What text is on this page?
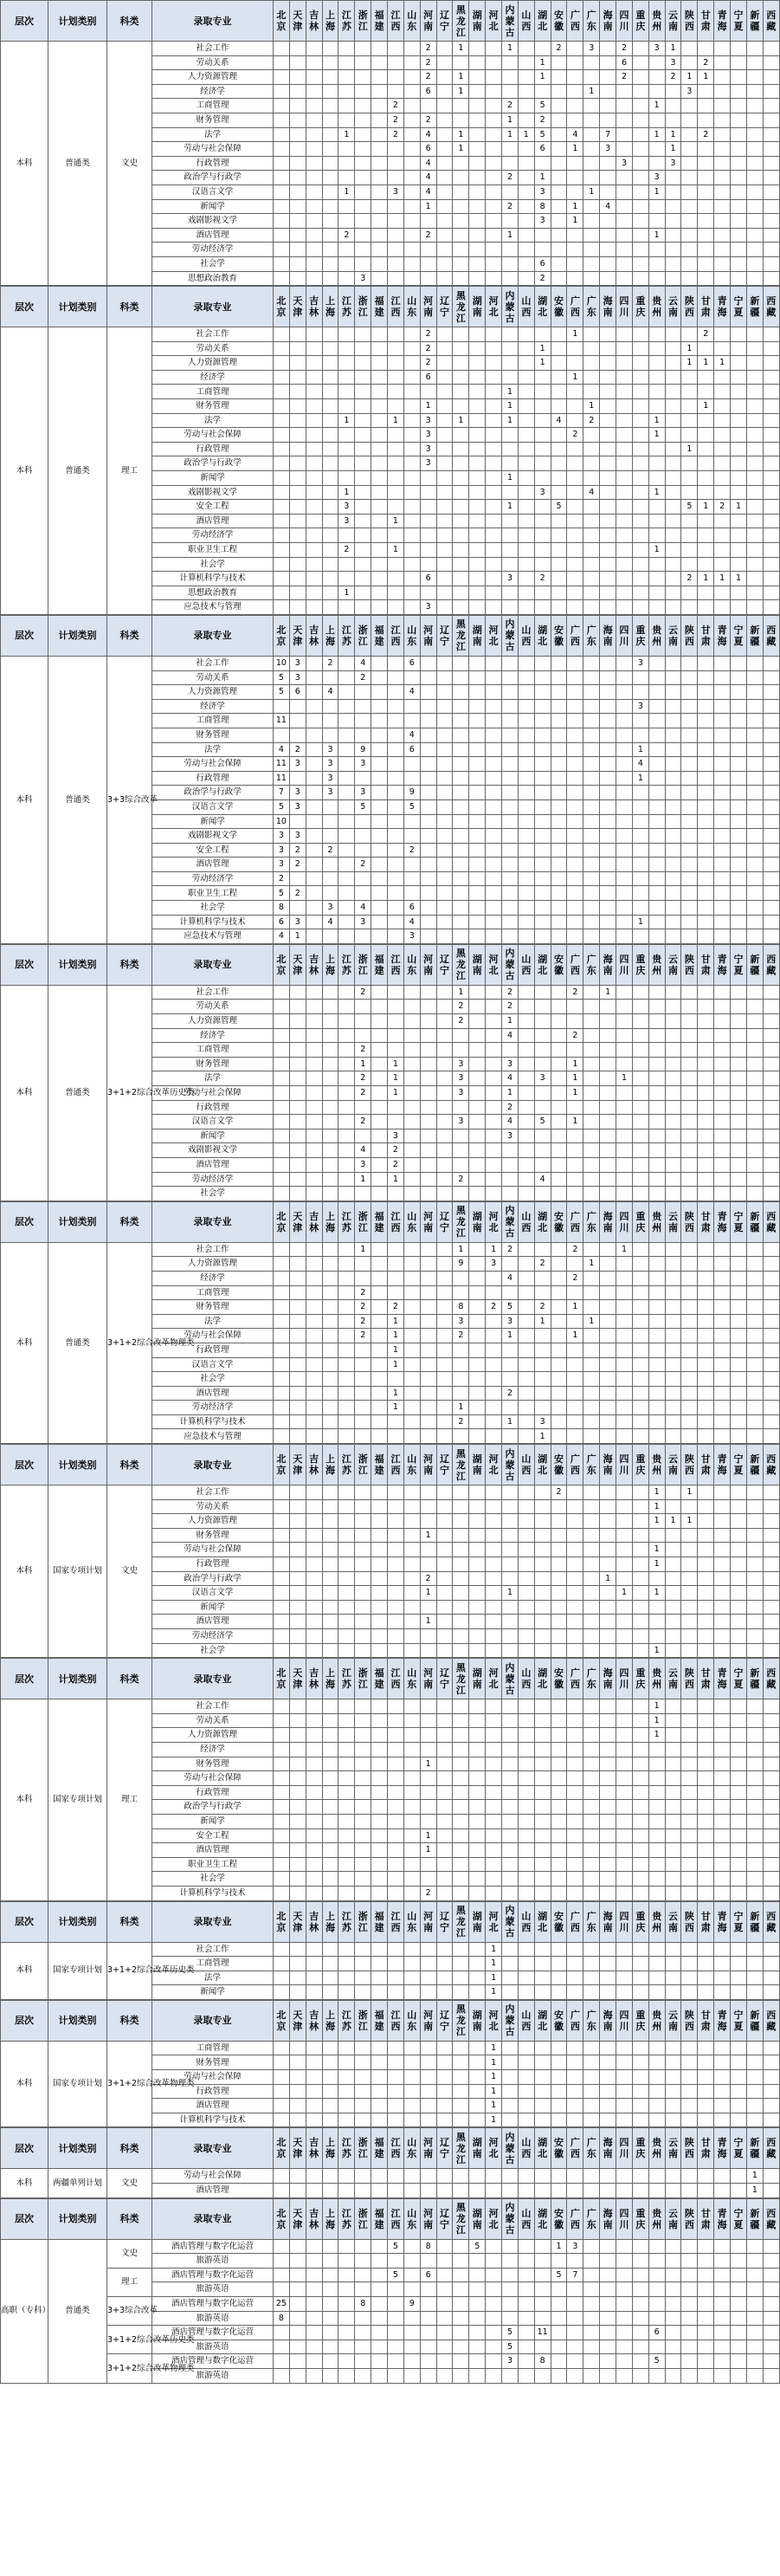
层次	计划类别	科类	录取专业	北京	天津	吉林	上海	江苏	浙江	福建	江西	山东	河南	辽宁	黑龙江	湖南	河北	内蒙古	山西	湖北	安徽	广西	广东	海南	四川	重庆	贵州	云南	陕西	甘肃	青海	宁夏	新疆	西藏
本科	普通类	文史	社会工作										2		1			1			2		3		2		3	1						
			劳动关系										2							1					6			3		2				
			人力资源管理										2		1					1					2			2	1	1				
			经济学										6		1								1						3					
			工商管理								2							2		5							1							
			财务管理								2		2					1		2														
			法学					1			2		4		1			1	1	5		4		7			1	1		2				
			劳动与社会保障										6		1					6		1		3				1						
			行政管理										4												3			3						
			政治学与行政学										4					2		1							3							
			汉语言文学					1			3		4							3			1				1							
			新闻学										1					2		8		1		4										
			戏剧影视文学																	3		1												
			酒店管理					2					2					1									1							
			劳动经济学																															
			社会学																	6														
			思想政治教育						3											2														
层次	计划类别	科类	录取专业	北京	天津	吉林	上海	江苏	浙江	福建	江西	山东	河南	辽宁	黑龙江	湖南	河北	内蒙古	山西	湖北	安徽	广西	广东	海南	四川	重庆	贵州	云南	陕西	甘肃	青海	宁夏	新疆	西藏
本科	普通类	理工	社会工作										2									1								2				
			劳动关系										2							1									1					
			人力资源管理										2							1									1	1	1			
			经济学										6									1												
			工商管理															1																
			财务管理										1					1					1							1				
			法学					1			1		3		1			1			4		2				1							
			劳动与社会保障										3									2					1							
			行政管理										3																1					
			政治学与行政学										3																					
			新闻学															1																
			戏剧影视文学					1												3			4				1							
			安全工程					3										1			5								5	1	2	1		
			酒店管理					3			1																							
			劳动经济学																															
			职业卫生工程					2			1																1							
			社会学																															
			计算机科学与技术										6					3		2									2	1	1	1		
			思想政治教育					1																										
			应急技术与管理										3																					
层次	计划类别	科类	录取专业	北京	天津	吉林	上海	江苏	浙江	福建	江西	山东	河南	辽宁	黑龙江	湖南	河北	内蒙古	山西	湖北	安徽	广西	广东	海南	四川	重庆	贵州	云南	陕西	甘肃	青海	宁夏	新疆	西藏
本科	普通类	3+3综合改革	社会工作	10	3		2		4			6														3								
			劳动关系	5	3				2																									
			人力资源管理	5	6		4					4																						
			经济学																							3								
			工商管理	11																														
			财务管理									4																						
			法学	4	2		3		9			6														1								
			劳动与社会保障	11	3		3		3																	4								
			行政管理	11			3																			1								
			政治学与行政学	7	3		3		3			9																						
			汉语言文学	5	3				5			5																						
			新闻学	10																														
			戏剧影视文学	3	3																													
			安全工程	3	2		2					2																						
			酒店管理	3	2				2																									
			劳动经济学	2																														
			职业卫生工程	5	2																													
			社会学	8			3		4			6																						
			计算机科学与技术	6	3		4		3			4														1								
			应急技术与管理	4	1							3																						
层次	计划类别	科类	录取专业	北京	天津	吉林	上海	江苏	浙江	福建	江西	山东	河南	辽宁	黑龙江	湖南	河北	内蒙古	山西	湖北	安徽	广西	广东	海南	四川	重庆	贵州	云南	陕西	甘肃	青海	宁夏	新疆	西藏
本科	普通类	3+1+2综合改革历史类	社会工作						2						1			2				2		1										
			劳动关系												2			2																
			人力资源管理												2			1																
			经济学															4				2												
			工商管理						2																									
			财务管理						1		1				3			3				1												
			法学						2		1				3			4		3		1			1									
			劳动与社会保障						2		1				3			1				1												
			行政管理															2																
			汉语言文学						2						3			4		5		1												
			新闻学								3							3																
			戏剧影视文学						4		2																							
			酒店管理						3		2																							
			劳动经济学						1		1				2					4														
			社会学																															
层次	计划类别	科类	录取专业	北京	天津	吉林	上海	江苏	浙江	福建	江西	山东	河南	辽宁	黑龙江	湖南	河北	内蒙古	山西	湖北	安徽	广西	广东	海南	四川	重庆	贵州	云南	陕西	甘肃	青海	宁夏	新疆	西藏
本科	普通类	3+1+2综合改革物理类	社会工作						1						1		1	2				2			1									
			人力资源管理												9		3			2			1											
			经济学															4				2												
			工商管理						2																									
			财务管理						2		2				8		2	5		2		1												
			法学						2		1				3			3		1			1											
			劳动与社会保障						2		1				2			1				1												
			行政管理								1																							
			汉语言文学								1																							
			社会学																															
			酒店管理								1							2																
			劳动经济学								1				1																			
			计算机科学与技术												2			1		3														
			应急技术与管理																	1														
层次	计划类别	科类	录取专业	北京	天津	吉林	上海	江苏	浙江	福建	江西	山东	河南	辽宁	黑龙江	湖南	河北	内蒙古	山西	湖北	安徽	广西	广东	海南	四川	重庆	贵州	云南	陕西	甘肃	青海	宁夏	新疆	西藏
本科	国家专项计划	文史	社会工作																		2						1		1					
			劳动关系																								1							
			人力资源管理																								1	1	1					
			财务管理										1																					
			劳动与社会保障																								1							
			行政管理																								1							
			政治学与行政学										2											1										
			汉语言文学										1					1							1		1							
			新闻学																															
			酒店管理										1																					
			劳动经济学																															
			社会学																								1							
层次	计划类别	科类	录取专业	北京	天津	吉林	上海	江苏	浙江	福建	江西	山东	河南	辽宁	黑龙江	湖南	河北	内蒙古	山西	湖北	安徽	广西	广东	海南	四川	重庆	贵州	云南	陕西	甘肃	青海	宁夏	新疆	西藏
本科	国家专项计划	理工	社会工作																								1							
			劳动关系																								1							
			人力资源管理																								1							
			经济学																															
			财务管理										1																					
			劳动与社会保障																															
			行政管理																															
			政治学与行政学																															
			新闻学																															
			安全工程										1																					
			酒店管理										1																					
			职业卫生工程																															
			社会学																															
			计算机科学与技术										2																					
层次	计划类别	科类	录取专业	北京	天津	吉林	上海	江苏	浙江	福建	江西	山东	河南	辽宁	黑龙江	湖南	河北	内蒙古	山西	湖北	安徽	广西	广东	海南	四川	重庆	贵州	云南	陕西	甘肃	青海	宁夏	新疆	西藏
本科	国家专项计划	3+1+2综合改革历史类	社会工作														1																	
			工商管理														1																	
			法学														1																	
			新闻学														1																	
层次	计划类别	科类	录取专业	北京	天津	吉林	上海	江苏	浙江	福建	江西	山东	河南	辽宁	黑龙江	湖南	河北	内蒙古	山西	湖北	安徽	广西	广东	海南	四川	重庆	贵州	云南	陕西	甘肃	青海	宁夏	新疆	西藏
本科	国家专项计划	3+1+2综合改革物理类	工商管理														1																	
			财务管理														1																	
			劳动与社会保障														1																	
			行政管理														1																	
			酒店管理														1																	
			计算机科学与技术														1																	
层次	计划类别	科类	录取专业	北京	天津	吉林	上海	江苏	浙江	福建	江西	山东	河南	辽宁	黑龙江	湖南	河北	内蒙古	山西	湖北	安徽	广西	广东	海南	四川	重庆	贵州	云南	陕西	甘肃	青海	宁夏	新疆	西藏
本科	两疆单列计划	文史	劳动与社会保障																														1	
			酒店管理																														1	
层次	计划类别	科类	录取专业	北京	天津	吉林	上海	江苏	浙江	福建	江西	山东	河南	辽宁	黑龙江	湖南	河北	内蒙古	山西	湖北	安徽	广西	广东	海南	四川	重庆	贵州	云南	陕西	甘肃	青海	宁夏	新疆	西藏
高职（专科）	普通类	文史	酒店管理与数字化运营								5		8			5					1	3												
			旅游英语																															
		理工	酒店管理与数字化运营								5		6								5	7												
			旅游英语																															
		3+3综合改革	酒店管理与数字化运营	25					8			9																						
			旅游英语	8																														
		3+1+2综合改革历史类	酒店管理与数字化运营															5		11							6							
			旅游英语															5																
		3+1+2综合改革物理类	酒店管理与数字化运营															3		8							5							
			旅游英语																															
